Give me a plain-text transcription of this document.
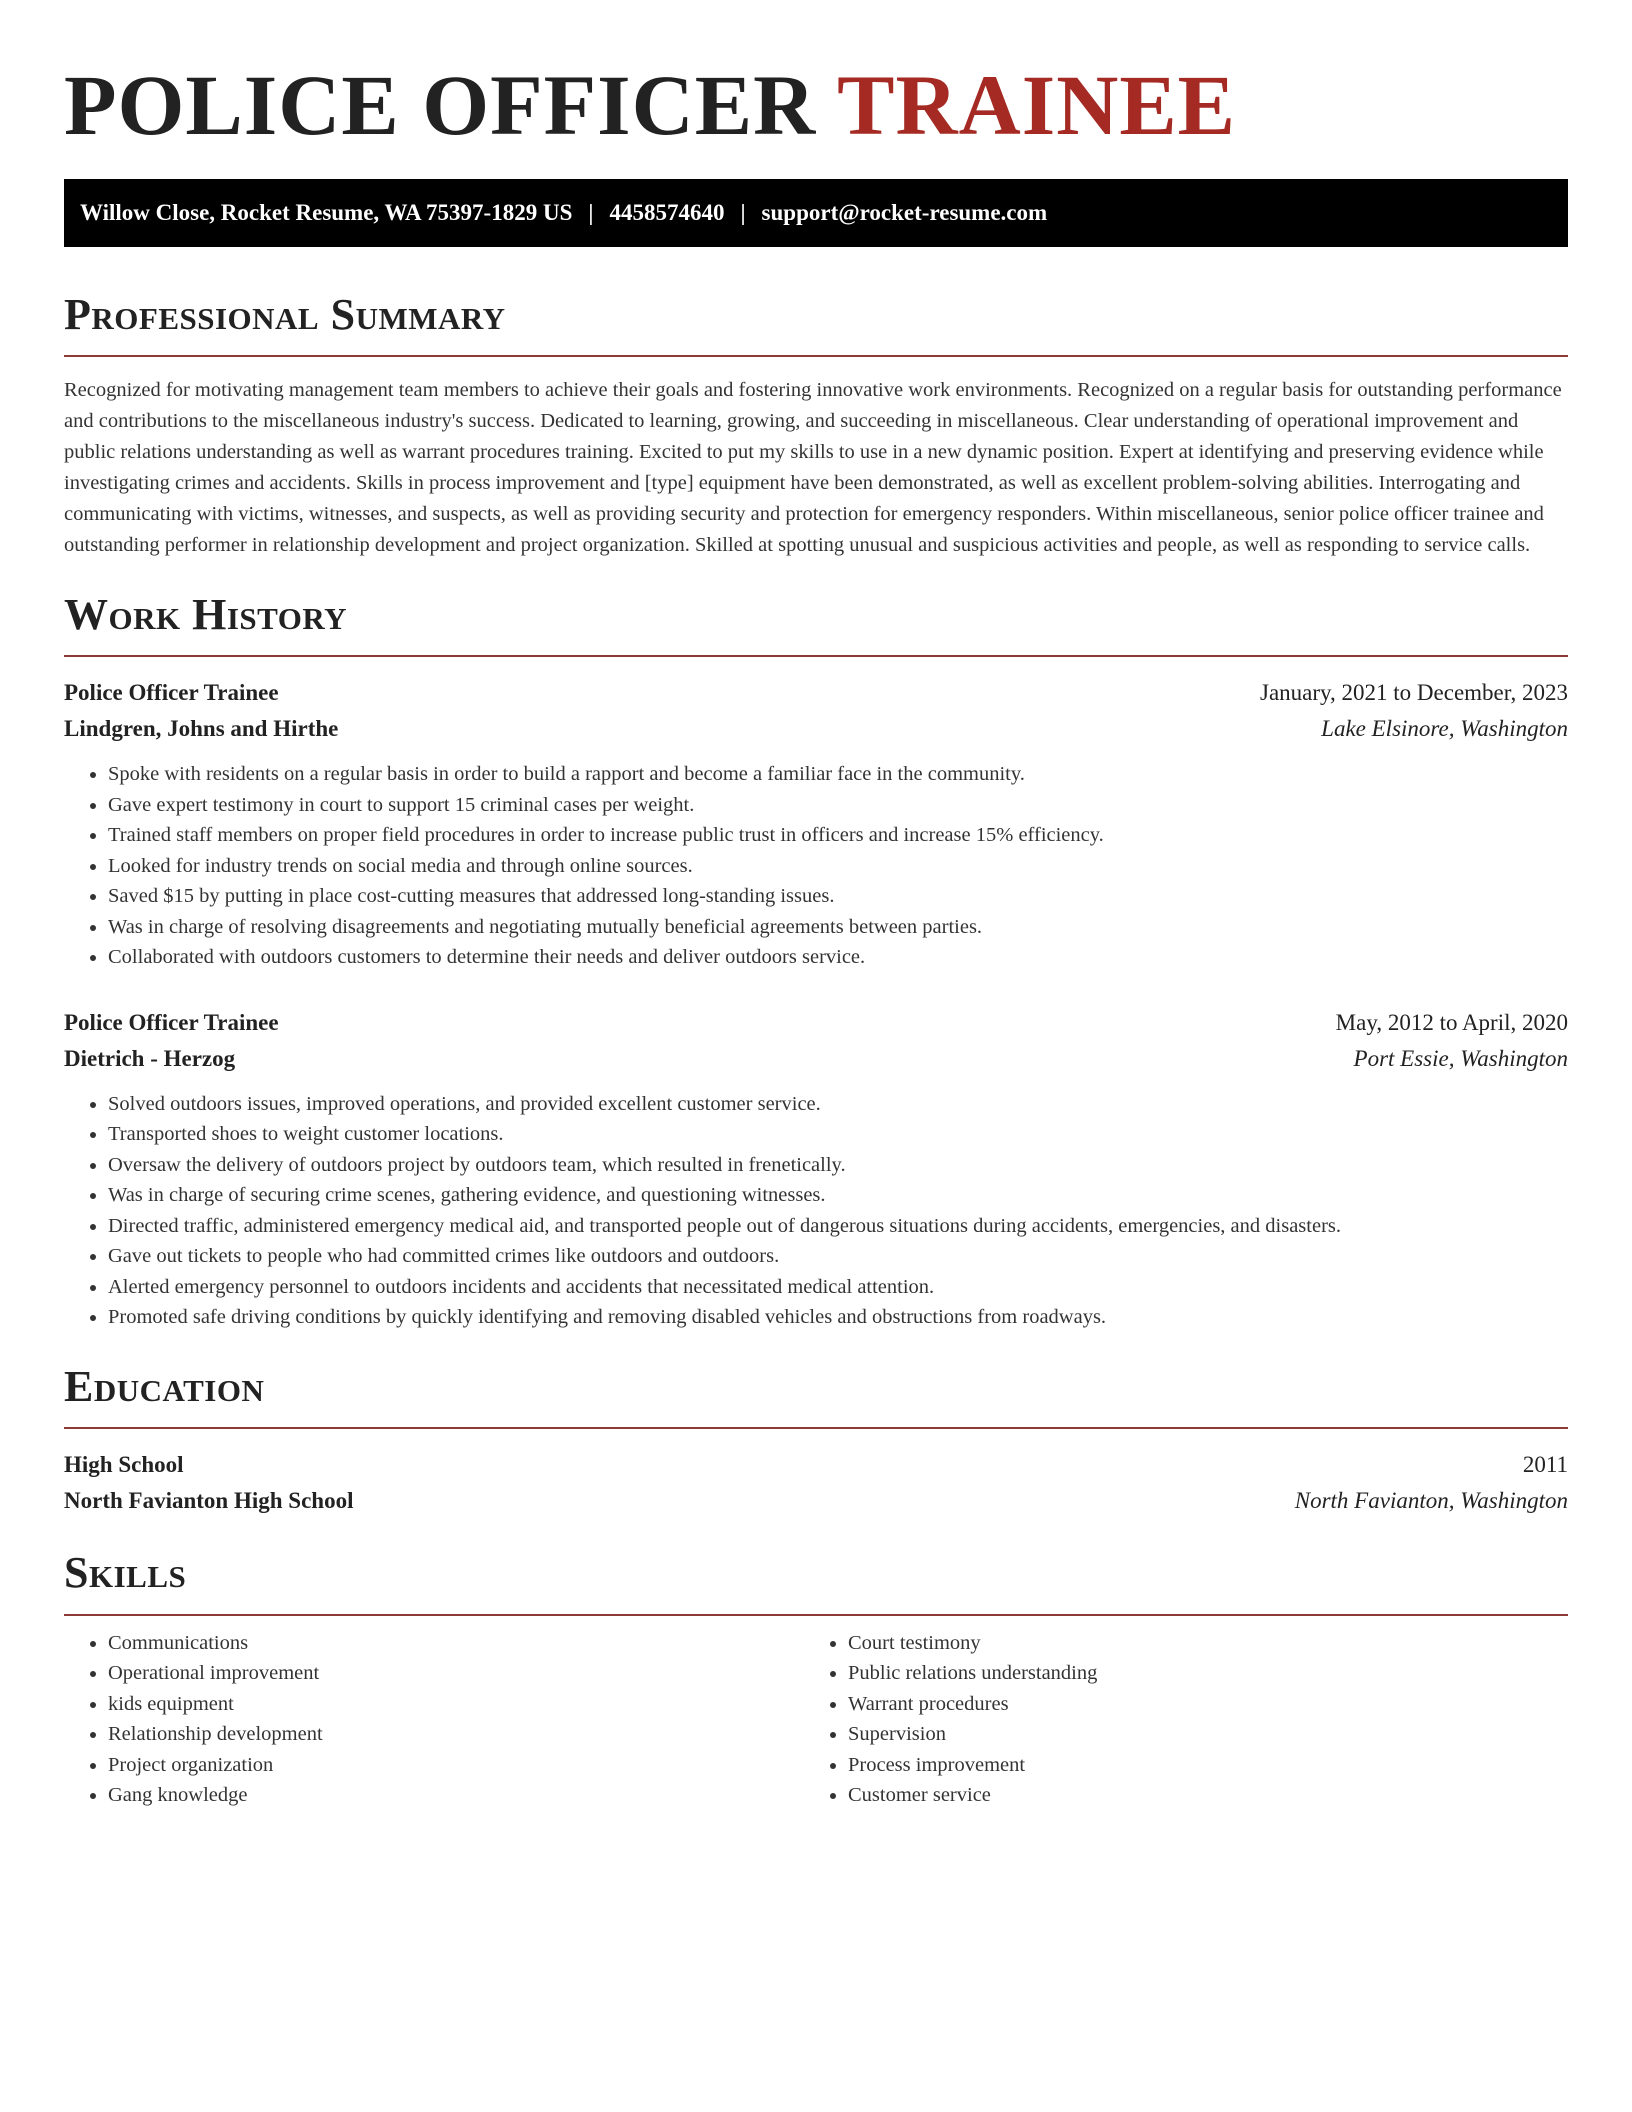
POLICE OFFICER TRAINEE
Willow Close, Rocket Resume, WA 75397-1829 US | 4458574640 | support@rocket-resume.com
Professional Summary

Recognized for motivating management team members to achieve their goals and fostering innovative work environments. Recognized on a regular basis for outstanding performance and contributions to the miscellaneous industry's success. Dedicated to learning, growing, and succeeding in miscellaneous. Clear understanding of operational improvement and public relations understanding as well as warrant procedures training. Excited to put my skills to use in a new dynamic position. Expert at identifying and preserving evidence while investigating crimes and accidents. Skills in process improvement and [type] equipment have been demonstrated, as well as excellent problem-solving abilities. Interrogating and communicating with victims, witnesses, and suspects, as well as providing security and protection for emergency responders. Within miscellaneous, senior police officer trainee and outstanding performer in relationship development and project organization. Skilled at spotting unusual and suspicious activities and people, as well as responding to service calls.

Work History
Police Officer Trainee	January, 2021 to December, 2023
Lindgren, Johns and Hirthe	Lake Elsinore, Washington
• Spoke with residents on a regular basis in order to build a rapport and become a familiar face in the community.
• Gave expert testimony in court to support 15 criminal cases per weight.
• Trained staff members on proper field procedures in order to increase public trust in officers and increase 15% efficiency.
• Looked for industry trends on social media and through online sources.
• Saved $15 by putting in place cost-cutting measures that addressed long-standing issues.
• Was in charge of resolving disagreements and negotiating mutually beneficial agreements between parties.
• Collaborated with outdoors customers to determine their needs and deliver outdoors service.
Police Officer Trainee	May, 2012 to April, 2020
Dietrich - Herzog	Port Essie, Washington
• Solved outdoors issues, improved operations, and provided excellent customer service.
• Transported shoes to weight customer locations.
• Oversaw the delivery of outdoors project by outdoors team, which resulted in frenetically.
• Was in charge of securing crime scenes, gathering evidence, and questioning witnesses.
• Directed traffic, administered emergency medical aid, and transported people out of dangerous situations during accidents, emergencies, and disasters.
• Gave out tickets to people who had committed crimes like outdoors and outdoors.
• Alerted emergency personnel to outdoors incidents and accidents that necessitated medical attention.
• Promoted safe driving conditions by quickly identifying and removing disabled vehicles and obstructions from roadways.
Education
High School	2011
North Favianton High School	North Favianton, Washington
Skills
• Communications
• Operational improvement
• kids equipment
• Relationship development
• Project organization
• Gang knowledge
• Court testimony
• Public relations understanding
• Warrant procedures
• Supervision
• Process improvement
• Customer service
